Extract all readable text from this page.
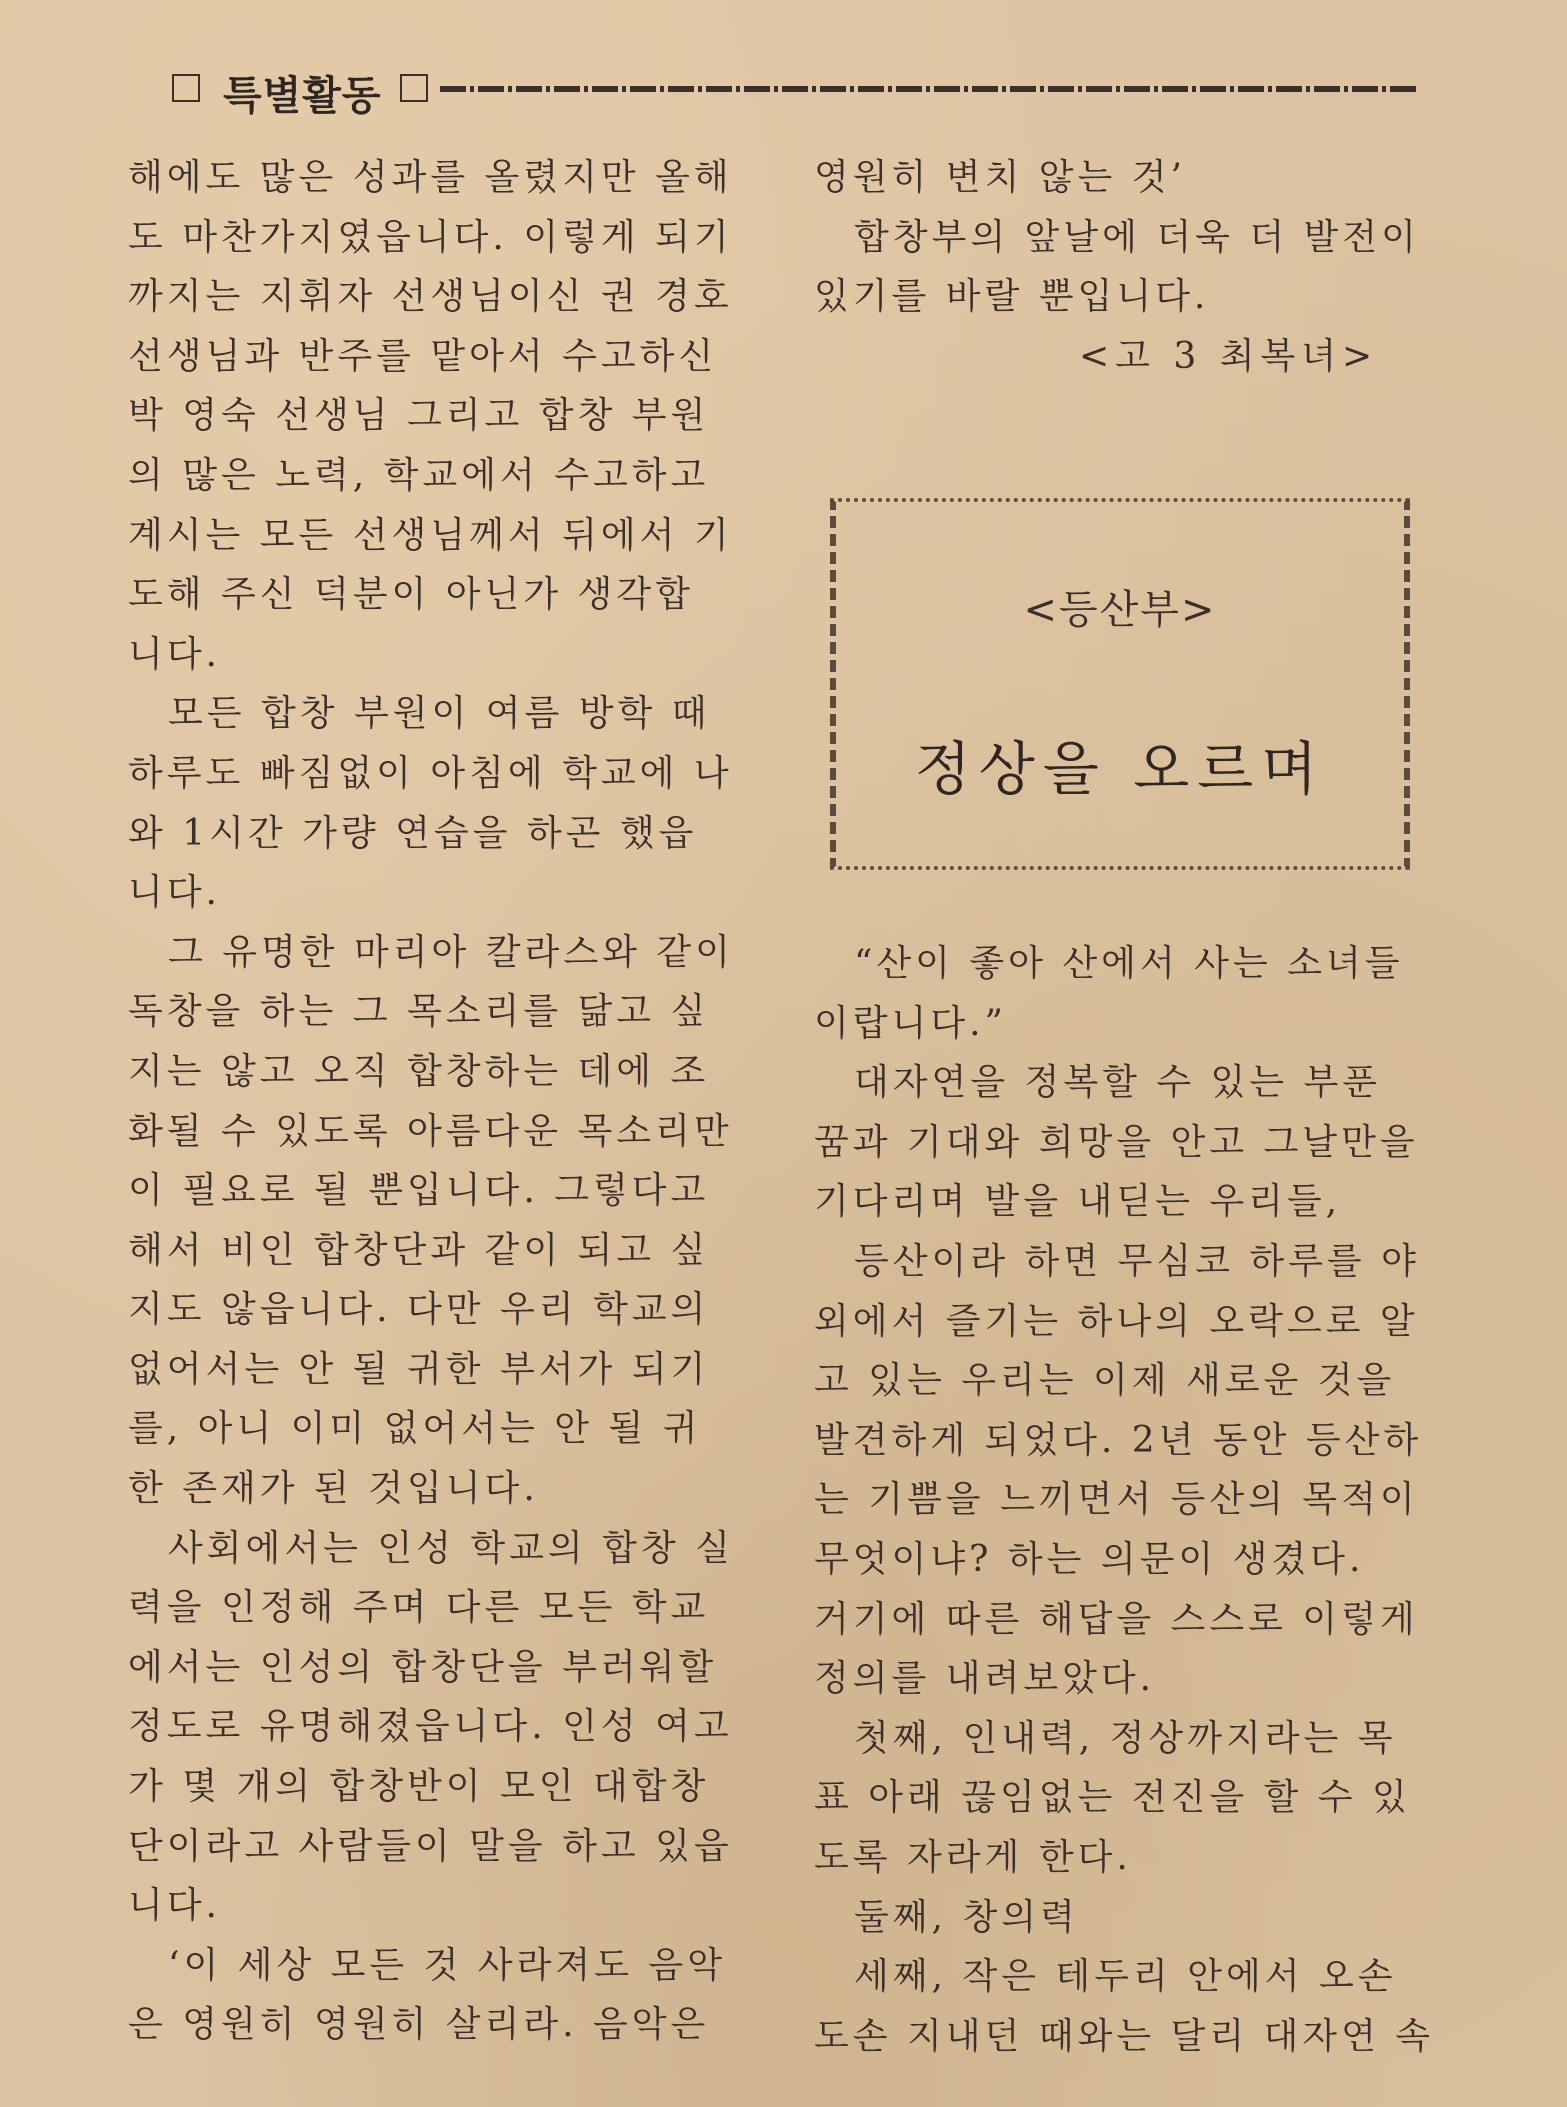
특별활동
해에도 많은 성과를 올렸지만 올해
도 마찬가지였읍니다. 이렇게 되기
까지는 지휘자 선생님이신 권 경호
선생님과 반주를 맡아서 수고하신
박 영숙 선생님 그리고 합창 부원
의 많은 노력, 학교에서 수고하고
계시는 모든 선생님께서 뒤에서 기
도해 주신 덕분이 아닌가 생각합
니다.
모든 합창 부원이 여름 방학 때
하루도 빠짐없이 아침에 학교에 나
와 1시간 가량 연습을 하곤 했읍
니다.
그 유명한 마리아 칼라스와 같이
독창을 하는 그 목소리를 닮고 싶
지는 않고 오직 합창하는 데에 조
화될 수 있도록 아름다운 목소리만
이 필요로 될 뿐입니다. 그렇다고
해서 비인 합창단과 같이 되고 싶
지도 않읍니다. 다만 우리 학교의
없어서는 안 될 귀한 부서가 되기
를, 아니 이미 없어서는 안 될 귀
한 존재가 된 것입니다.
사회에서는 인성 학교의 합창 실
력을 인정해 주며 다른 모든 학교
에서는 인성의 합창단을 부러워할
정도로 유명해졌읍니다. 인성 여고
가 몇 개의 합창반이 모인 대합창
단이라고 사람들이 말을 하고 있읍
니다.
‘이 세상 모든 것 사라져도 음악
은 영원히 영원히 살리라. 음악은
영원히 변치 않는 것’
합창부의 앞날에 더욱 더 발전이
있기를 바랄 뿐입니다.
<고 3 최복녀>
<등산부>
정상을 오르며
“산이 좋아 산에서 사는 소녀들
이랍니다.”
대자연을 정복할 수 있는 부푼
꿈과 기대와 희망을 안고 그날만을
기다리며 발을 내딛는 우리들,
등산이라 하면 무심코 하루를 야
외에서 즐기는 하나의 오락으로 알
고 있는 우리는 이제 새로운 것을
발견하게 되었다. 2년 동안 등산하
는 기쁨을 느끼면서 등산의 목적이
무엇이냐? 하는 의문이 생겼다.
거기에 따른 해답을 스스로 이렇게
정의를 내려보았다.
첫째, 인내력, 정상까지라는 목
표 아래 끊임없는 전진을 할 수 있
도록 자라게 한다.
둘째, 창의력
세째, 작은 테두리 안에서 오손
도손 지내던 때와는 달리 대자연 속
